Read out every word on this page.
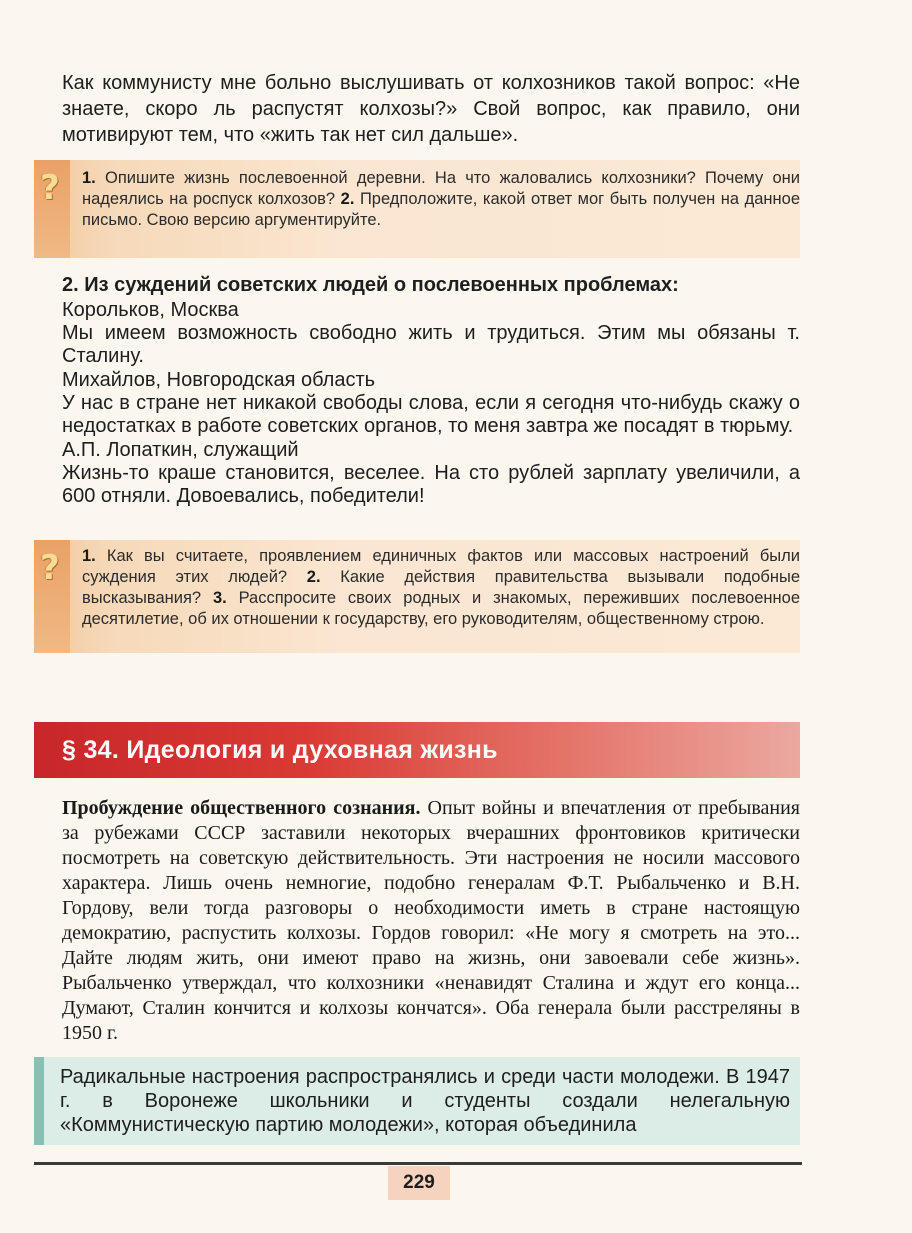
Как коммунисту мне больно выслушивать от колхозников такой вопрос: «Не знаете, скоро ль распустят колхозы?» Свой вопрос, как правило, они мотивируют тем, что «жить так нет сил дальше».

?	1. Опишите жизнь послевоенной деревни. На что жаловались колхозники? Почему они надеялись на роспуск колхозов? 2. Предположите, какой ответ мог быть получен на данное письмо. Свою версию аргументируйте.

2. Из суждений советских людей о послевоенных проблемах:

Корольков, Москва

Мы имеем возможность свободно жить и трудиться. Этим мы обязаны т. Сталину.

Михайлов, Новгородская область

У нас в стране нет никакой свободы слова, если я сегодня что-нибудь скажу о недостатках в работе советских органов, то меня завтра же посадят в тюрьму.

А.П. Лопаткин, служащий

Жизнь-то краше становится, веселее. На сто рублей зарплату увеличили, а 600 отняли. Довоевались, победители!

?	1. Как вы считаете, проявлением единичных фактов или массовых настроений были суждения этих людей? 2. Какие действия правительства вызывали подобные высказывания? 3. Расспросите своих родных и знакомых, переживших послевоенное десятилетие, об их отношении к государству, его руководителям, общественному строю.

§ 34. Идеология и духовная жизнь

Пробуждение общественного сознания. Опыт войны и впечатления от пребывания за рубежами СССР заставили некоторых вчерашних фронтовиков критически посмотреть на советскую действительность. Эти настроения не носили массового характера. Лишь очень немногие, подобно генералам Ф.Т. Рыбальченко и В.Н. Гордову, вели тогда разговоры о необходимости иметь в стране настоящую демократию, распустить колхозы. Гордов говорил: «Не могу я смотреть на это... Дайте людям жить, они имеют право на жизнь, они завоевали себе жизнь». Рыбальченко утверждал, что колхозники «ненавидят Сталина и ждут его конца... Думают, Сталин кончится и колхозы кончатся». Оба генерала были расстреляны в 1950 г.

Радикальные настроения распространялись и среди части молодежи. В 1947 г. в Воронеже школьники и студенты создали нелегальную «Коммунистическую партию молодежи», которая объединила

229
